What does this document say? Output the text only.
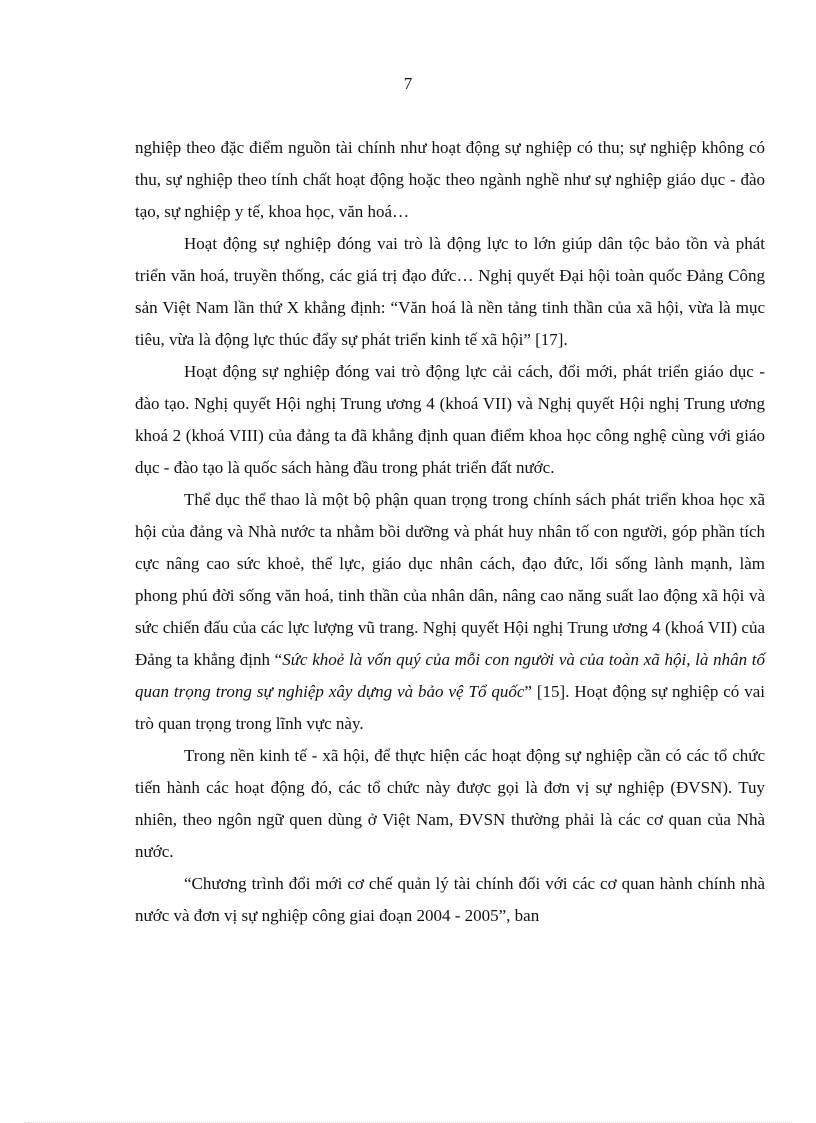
7

nghiệp theo đặc điểm nguồn tài chính như hoạt động sự nghiệp có thu; sự nghiệp không có thu, sự nghiệp theo tính chất hoạt động hoặc theo ngành nghề như sự nghiệp giáo dục - đào tạo, sự nghiệp y tế, khoa học, văn hoá…

Hoạt động sự nghiệp đóng vai trò là động lực to lớn giúp dân tộc bảo tồn và phát triển văn hoá, truyền thống, các giá trị đạo đức… Nghị quyết Đại hội toàn quốc Đảng Công sản Việt Nam lần thứ X khẳng định: “Văn hoá là nền tảng tinh thần của xã hội, vừa là mục tiêu, vừa là động lực thúc đẩy sự phát triển kinh tế xã hội” [17].

Hoạt động sự nghiệp đóng vai trò động lực cải cách, đổi mới, phát triển giáo dục - đào tạo. Nghị quyết Hội nghị Trung ương 4 (khoá VII) và Nghị quyết Hội nghị Trung ương khoá 2 (khoá VIII) của đảng ta đã khẳng định quan điểm khoa học công nghệ cùng với giáo dục - đào tạo là quốc sách hàng đầu trong phát triển đất nước.

Thể dục thể thao là một bộ phận quan trọng trong chính sách phát triển khoa học xã hội của đảng và Nhà nước ta nhằm bồi dưỡng và phát huy nhân tố con người, góp phần tích cực nâng cao sức khoẻ, thể lực, giáo dục nhân cách, đạo đức, lối sống lành mạnh, làm phong phú đời sống văn hoá, tinh thần của nhân dân, nâng cao năng suất lao động xã hội và sức chiến đấu của các lực lượng vũ trang. Nghị quyết Hội nghị Trung ương 4 (khoá VII) của Đảng ta khẳng định “Sức khoẻ là vốn quý của mỗi con người và của toàn xã hội, là nhân tố quan trọng trong sự nghiệp xây dựng và bảo vệ Tổ quốc” [15]. Hoạt động sự nghiệp có vai trò quan trọng trong lĩnh vực này.

Trong nền kinh tế - xã hội, để thực hiện các hoạt động sự nghiệp cần có các tổ chức tiến hành các hoạt động đó, các tổ chức này được gọi là đơn vị sự nghiệp (ĐVSN). Tuy nhiên, theo ngôn ngữ quen dùng ở Việt Nam, ĐVSN thường phải là các cơ quan của Nhà nước.

“Chương trình đổi mới cơ chế quản lý tài chính đối với các cơ quan hành chính nhà nước và đơn vị sự nghiệp công giai đoạn 2004 - 2005”, ban
